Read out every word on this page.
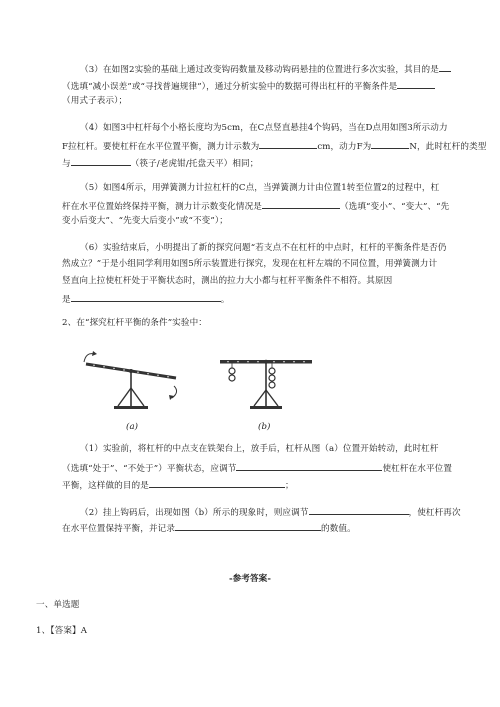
（3）在如图2实验的基础上通过改变钩码数量及移动钩码悬挂的位置进行多次实验，其目的是
（选填“减小误差”或“寻找普遍规律”），通过分析实验中的数据可得出杠杆的平衡条件是
（用式子表示）；
（4）如图3中杠杆每个小格长度均为5cm，在C点竖直悬挂4个钩码，当在D点用如图3所示动力
F拉杠杆。要使杠杆在水平位置平衡，测力计示数为	cm，动力F为	N，此时杠杆的类型
与	（筷子/老虎钳/托盘天平）相同；
（5）如图4所示，用弹簧测力计拉杠杆的C点，当弹簧测力计由位置1转至位置2的过程中，杠
杆在水平位置始终保持平衡，测力计示数变化情况是	（选填“变小”、“变大”、“先
变小后变大”、“先变大后变小”或“不变”）；
（6）实验结束后，小明提出了新的探究问题“若支点不在杠杆的中点时，杠杆的平衡条件是否仍
然成立？”于是小组同学利用如图5所示装置进行探究，发现在杠杆左端的不同位置，用弹簧测力计
竖直向上拉使杠杆处于平衡状态时，测出的拉力大小都与杠杆平衡条件不相符。其原因
是	。
2、在“探究杠杆平衡的条件”实验中：
(a)	(b)
（1）实验前，将杠杆的中点支在铁架台上，放手后，杠杆从图（a）位置开始转动，此时杠杆
（选填“处于”、“不处于”）平衡状态，应调节	使杠杆在水平位置
平衡，这样做的目的是	；
（2）挂上钩码后，出现如图（b）所示的现象时，则应调节	，使杠杆再次
在水平位置保持平衡，并记录	的数值。
-参考答案-
一、单选题
1、【答案】A
